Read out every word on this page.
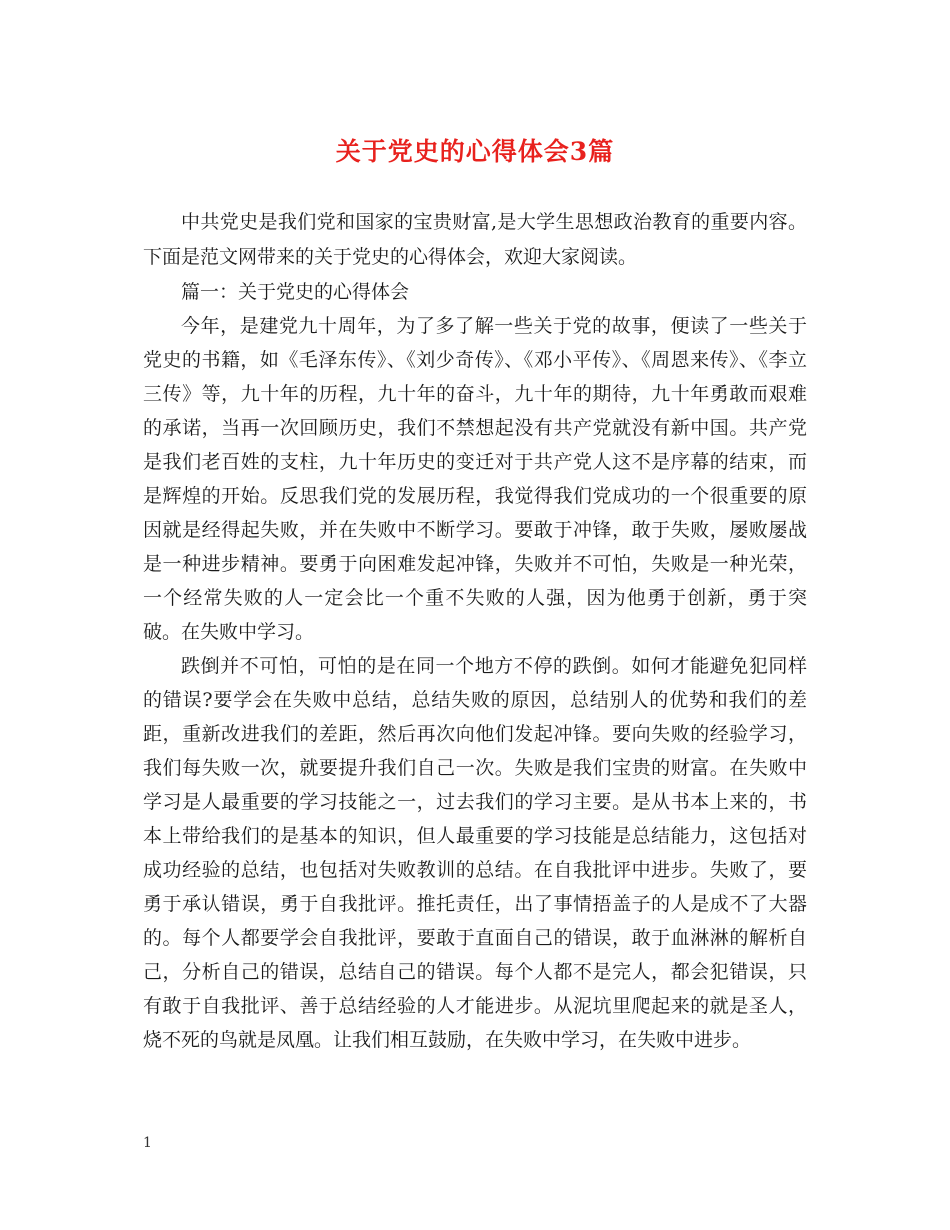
关于党史的心得体会3篇

中共党史是我们党和国家的宝贵财富,是大学生思想政治教育的重要内容。下面是范文网带来的关于党史的心得体会，欢迎大家阅读。

篇一：关于党史的心得体会

今年，是建党九十周年，为了多了解一些关于党的故事，便读了一些关于党史的书籍，如《毛泽东传》、《刘少奇传》、《邓小平传》、《周恩来传》、《李立三传》等，九十年的历程，九十年的奋斗，九十年的期待，九十年勇敢而艰难的承诺，当再一次回顾历史，我们不禁想起没有共产党就没有新中国。共产党是我们老百姓的支柱，九十年历史的变迁对于共产党人这不是序幕的结束，而是辉煌的开始。反思我们党的发展历程，我觉得我们党成功的一个很重要的原因就是经得起失败，并在失败中不断学习。要敢于冲锋，敢于失败，屡败屡战是一种进步精神。要勇于向困难发起冲锋，失败并不可怕，失败是一种光荣，一个经常失败的人一定会比一个重不失败的人强，因为他勇于创新，勇于突破。在失败中学习。

跌倒并不可怕，可怕的是在同一个地方不停的跌倒。如何才能避免犯同样的错误?要学会在失败中总结，总结失败的原因，总结别人的优势和我们的差距，重新改进我们的差距，然后再次向他们发起冲锋。要向失败的经验学习，我们每失败一次，就要提升我们自己一次。失败是我们宝贵的财富。在失败中学习是人最重要的学习技能之一，过去我们的学习主要。是从书本上来的，书本上带给我们的是基本的知识，但人最重要的学习技能是总结能力，这包括对成功经验的总结，也包括对失败教训的总结。在自我批评中进步。失败了，要勇于承认错误，勇于自我批评。推托责任，出了事情捂盖子的人是成不了大器的。每个人都要学会自我批评，要敢于直面自己的错误，敢于血淋淋的解析自己，分析自己的错误，总结自己的错误。每个人都不是完人，都会犯错误，只有敢于自我批评、善于总结经验的人才能进步。从泥坑里爬起来的就是圣人，烧不死的鸟就是凤凰。让我们相互鼓励，在失败中学习，在失败中进步。

1
